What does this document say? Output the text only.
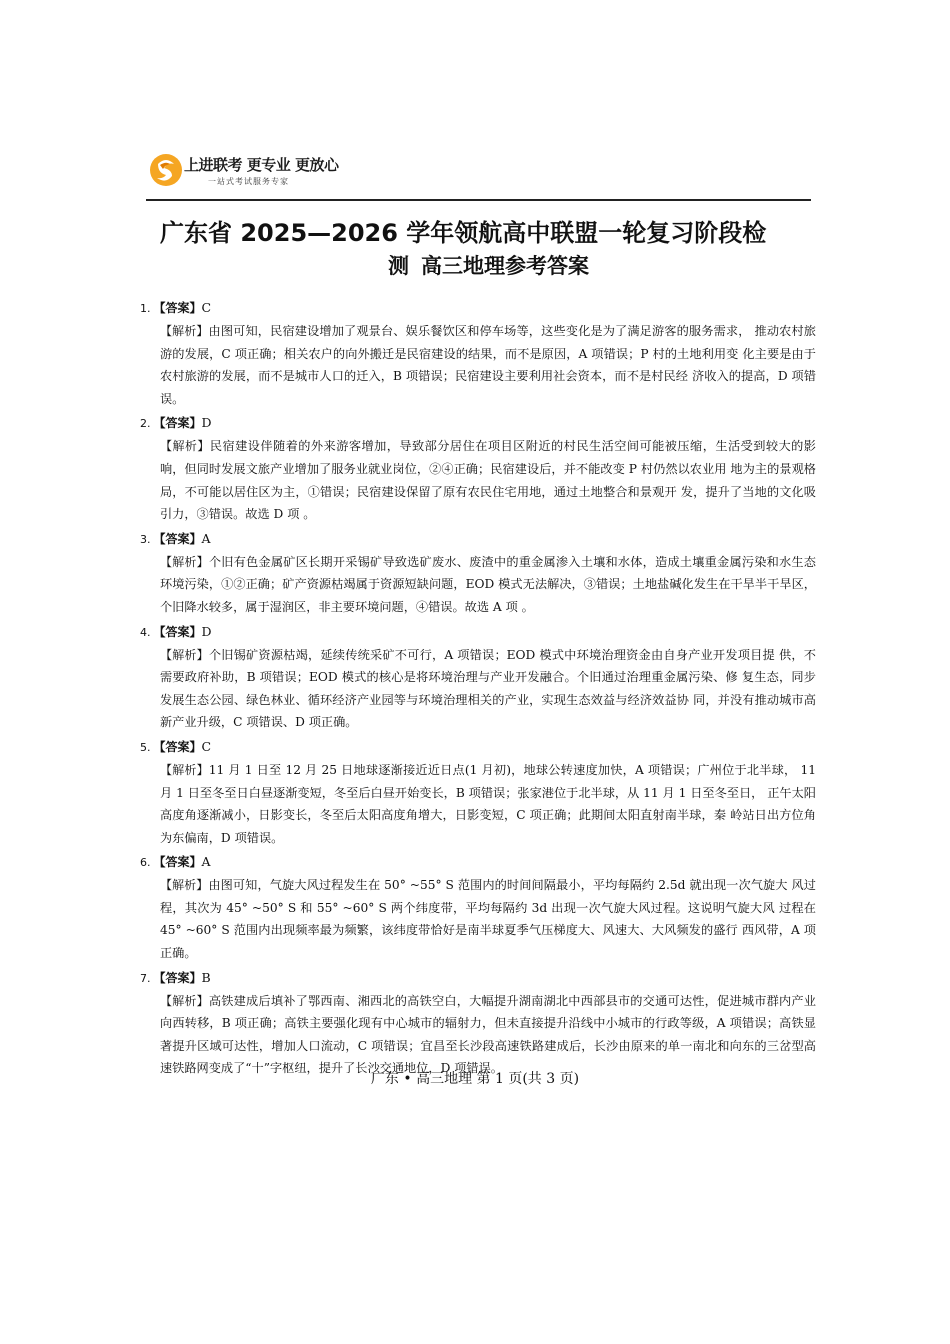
上进联考 更专业 更放心
一站式考试服务专家
广东省 2025—2026 学年领航高中联盟一轮复习阶段检
测 高三地理参考答案
1. 【答案】C
【解析】由图可知，民宿建设增加了观景台、娱乐餐饮区和停车场等，这些变化是为了满足游客的服务需求， 推动农村旅游的发展，C 项正确；相关农户的向外搬迁是民宿建设的结果，而不是原因，A 项错误；P 村的土地利用变 化主要是由于农村旅游的发展，而不是城市人口的迁入，B 项错误；民宿建设主要利用社会资本，而不是村民经 济收入的提高，D 项错误。
2. 【答案】D
【解析】民宿建设伴随着的外来游客增加，导致部分居住在项目区附近的村民生活空间可能被压缩，生活受到较大的影响，但同时发展文旅产业增加了服务业就业岗位，②④正确；民宿建设后，并不能改变 P 村仍然以农业用 地为主的景观格局，不可能以居住区为主，①错误；民宿建设保留了原有农民住宅用地，通过土地整合和景观开 发，提升了当地的文化吸引力，③错误。故选 D 项 。
3. 【答案】A
【解析】个旧有色金属矿区长期开采锡矿导致选矿废水、废渣中的重金属渗入土壤和水体，造成土壤重金属污染和水生态环境污染，①②正确；矿产资源枯竭属于资源短缺问题，EOD 模式无法解决，③错误；土地盐碱化发生在干旱半干旱区，个旧降水较多，属于湿润区，非主要环境问题，④错误。故选 A 项 。
4. 【答案】D
【解析】个旧锡矿资源枯竭，延续传统采矿不可行，A 项错误；EOD 模式中环境治理资金由自身产业开发项目提 供，不需要政府补助，B 项错误；EOD 模式的核心是将环境治理与产业开发融合。个旧通过治理重金属污染、修 复生态，同步发展生态公园、绿色林业、循环经济产业园等与环境治理相关的产业，实现生态效益与经济效益协 同，并没有推动城市高新产业升级，C 项错误、D 项正确。
5. 【答案】C
【解析】11 月 1 日至 12 月 25 日地球逐渐接近近日点(1 月初)，地球公转速度加快，A 项错误；广州位于北半球， 11 月 1 日至冬至日白昼逐渐变短，冬至后白昼开始变长，B 项错误；张家港位于北半球，从 11 月 1 日至冬至日， 正午太阳高度角逐渐减小，日影变长，冬至后太阳高度角增大，日影变短，C 项正确；此期间太阳直射南半球，秦 岭站日出方位角为东偏南，D 项错误。
6. 【答案】A
【解析】由图可知，气旋大风过程发生在 50° ~55° S 范围内的时间间隔最小，平均每隔约 2.5d 就出现一次气旋大 风过程，其次为 45° ~50° S 和 55° ~60° S 两个纬度带，平均每隔约 3d 出现一次气旋大风过程。这说明气旋大风 过程在 45° ~60° S 范围内出现频率最为频繁，该纬度带恰好是南半球夏季气压梯度大、风速大、大风频发的盛行 西风带，A 项正确。
7. 【答案】B
【解析】高铁建成后填补了鄂西南、湘西北的高铁空白，大幅提升湖南湖北中西部县市的交通可达性，促进城市群内产业向西转移，B 项正确；高铁主要强化现有中心城市的辐射力，但未直接提升沿线中小城市的行政等级，A 项错误；高铁显著提升区域可达性，增加人口流动，C 项错误；宜昌至长沙段高速铁路建成后，长沙由原来的单一南北和向东的三岔型高速铁路网变成了“十”字枢纽，提升了长沙交通地位，D 项错误。
广东 • 高三地理 第 1 页(共 3 页)
